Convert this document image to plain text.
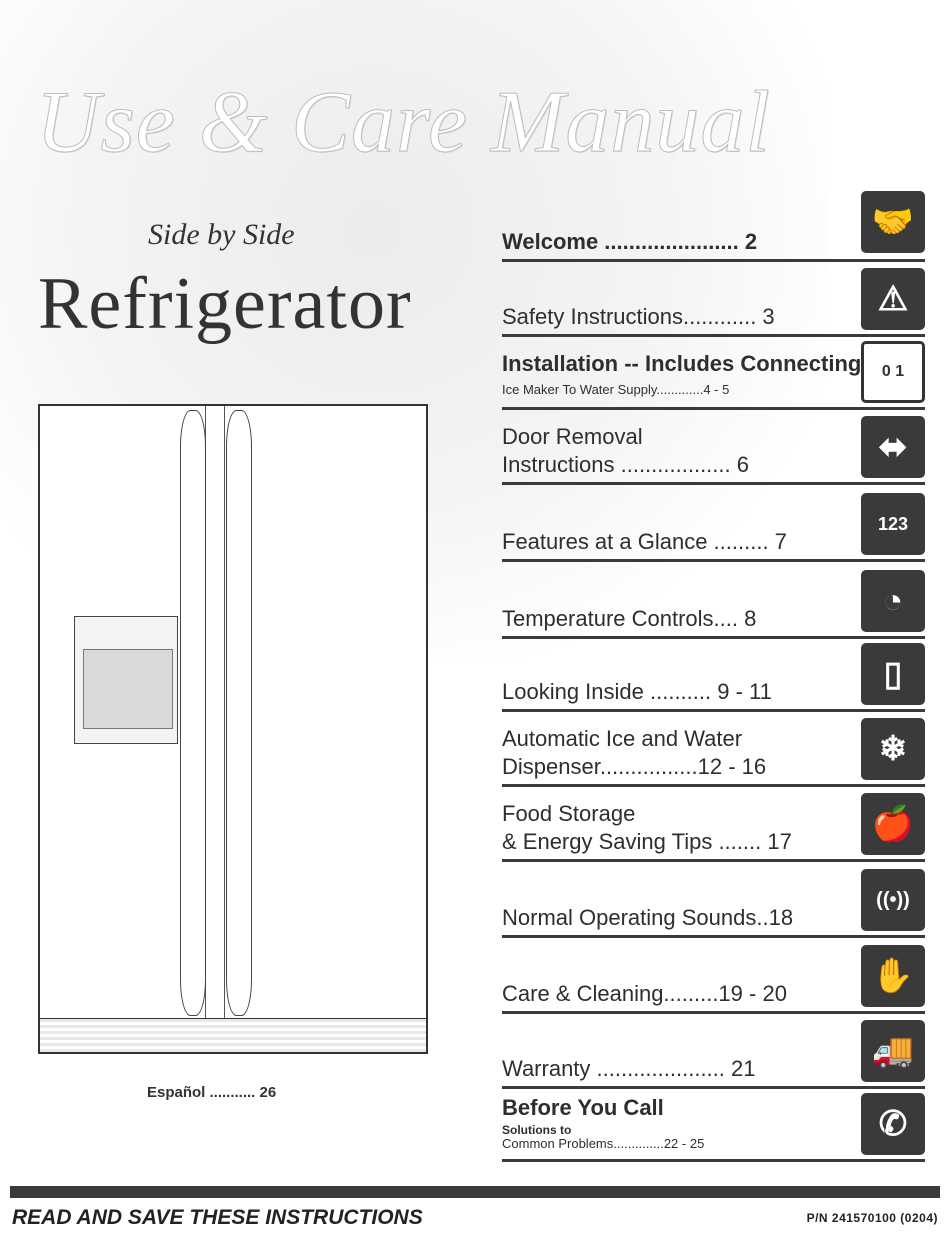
Use & Care Manual
Side by Side
Refrigerator
Español ........... 26
Welcome ...................... 2
🤝
Safety Instructions............ 3	⚠
Installation -- Includes Connecting
Ice Maker To Water Supply.............4 - 5
0 1
Door Removal
Instructions .................. 6	⬌
Features at a Glance ......... 7
123
Temperature Controls.... 8	◔
Looking Inside .......... 9 - 11	▯
Automatic Ice and Water
Dispenser................12 - 16	❄
Food Storage
& Energy Saving Tips ....... 17	🍎
Normal Operating Sounds..18
((•))
Care & Cleaning.........19 - 20	✋
Warranty ..................... 21	🚚
Before You Call
Solutions to
Common Problems..............22 - 25
✆
READ AND SAVE THESE INSTRUCTIONS	P/N 241570100 (0204)
